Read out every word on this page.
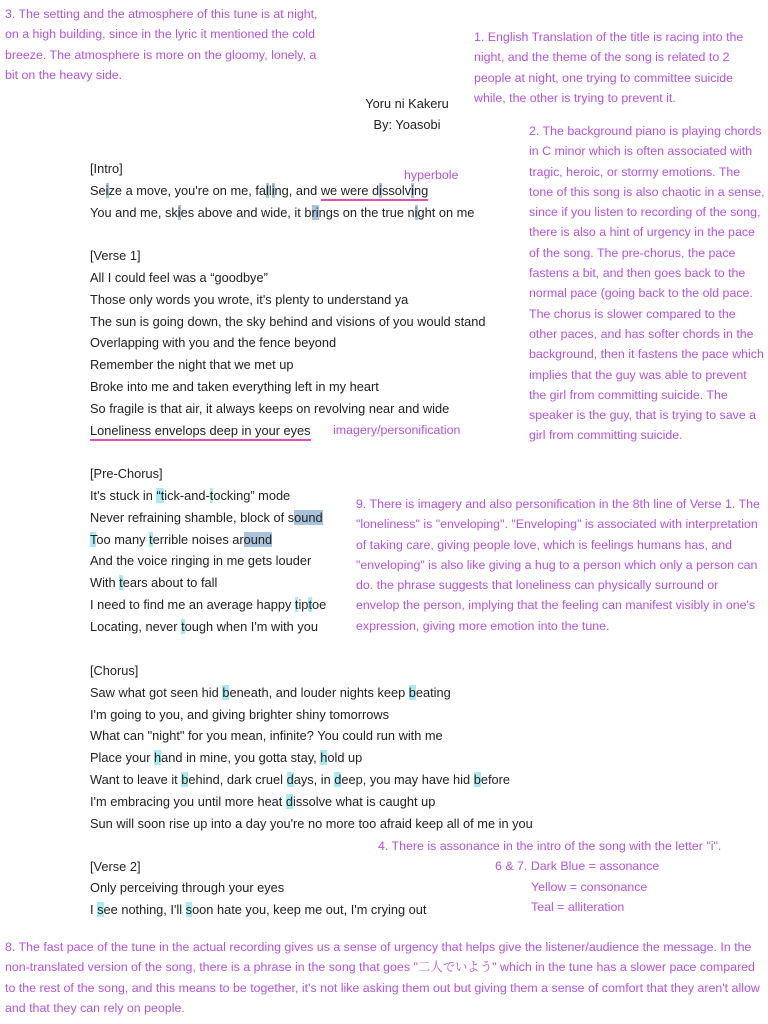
3. The setting and the atmosphere of this tune is at night, on a high building, since in the lyric it mentioned the cold breeze. The atmosphere is more on the gloomy, lonely, a bit on the heavy side.

1. English Translation of the title is racing into the night, and the theme of the song is related to 2 people at night, one trying to committee suicide while, the other is trying to prevent it.

Yoru ni Kakeru
By: Yoasobi	2. The background piano is playing chords in C minor which is often associated with tragic, heroic, or stormy emotions. The tone of this song is also chaotic in a sense, since if you listen to recording of the song, there is also a hint of urgency in the pace of the song. The pre-chorus, the pace fastens a bit, and then goes back to the normal pace (going back to the old pace. The chorus is slower compared to the other paces, and has softer chords in the background, then it fastens the pace which implies that the guy was able to prevent the girl from committing suicide. The speaker is the guy, that is trying to save a girl from committing suicide.

[Intro]	hyperbole
Seize a move, you're on me, falling, and we were dissolving
You and me, skies above and wide, it brings on the true night on me
[Verse 1]
All I could feel was a “goodbye”
Those only words you wrote, it's plenty to understand ya
The sun is going down, the sky behind and visions of you would stand
Overlapping with you and the fence beyond
Remember the night that we met up
Broke into me and taken everything left in my heart
So fragile is that air, it always keeps on revolving near and wide
Loneliness envelops deep in your eyes imagery/personification
[Pre-Chorus]
It's stuck in “tick-and-tocking” mode
Never refraining shamble, block of sound
Too many terrible noises around
And the voice ringing in me gets louder
With tears about to fall
I need to find me an average happy tiptoe
Locating, never tough when I'm with you

9. There is imagery and also personification in the 8th line of Verse 1. The "loneliness" is "enveloping". "Enveloping" is associated with interpretation of taking care, giving people love, which is feelings humans has, and "enveloping" is also like giving a hug to a person which only a person can do. the phrase suggests that loneliness can physically surround or envelop the person, implying that the feeling can manifest visibly in one's expression, giving more emotion into the tune.

[Chorus]
Saw what got seen hid beneath, and louder nights keep beating
I'm going to you, and giving brighter shiny tomorrows
What can "night" for you mean, infinite? You could run with me
Place your hand in mine, you gotta stay, hold up
Want to leave it behind, dark cruel days, in deep, you may have hid before
I'm embracing you until more heat dissolve what is caught up
Sun will soon rise up into a day you're no more too afraid keep all of me in you
4. There is assonance in the intro of the song with the letter "i".
6 & 7. Dark Blue = assonance
Yellow = consonance
Teal = alliteration
[Verse 2]
Only perceiving through your eyes
I see nothing, I'll soon hate you, keep me out, I'm crying out

8. The fast pace of the tune in the actual recording gives us a sense of urgency that helps give the listener/audience the message. In the non-translated version of the song, there is a phrase in the song that goes "二人でいよう" which in the tune has a slower pace compared to the rest of the song, and this means to be together, it's not like asking them out but giving them a sense of comfort that they aren't allow and that they can rely on people.
